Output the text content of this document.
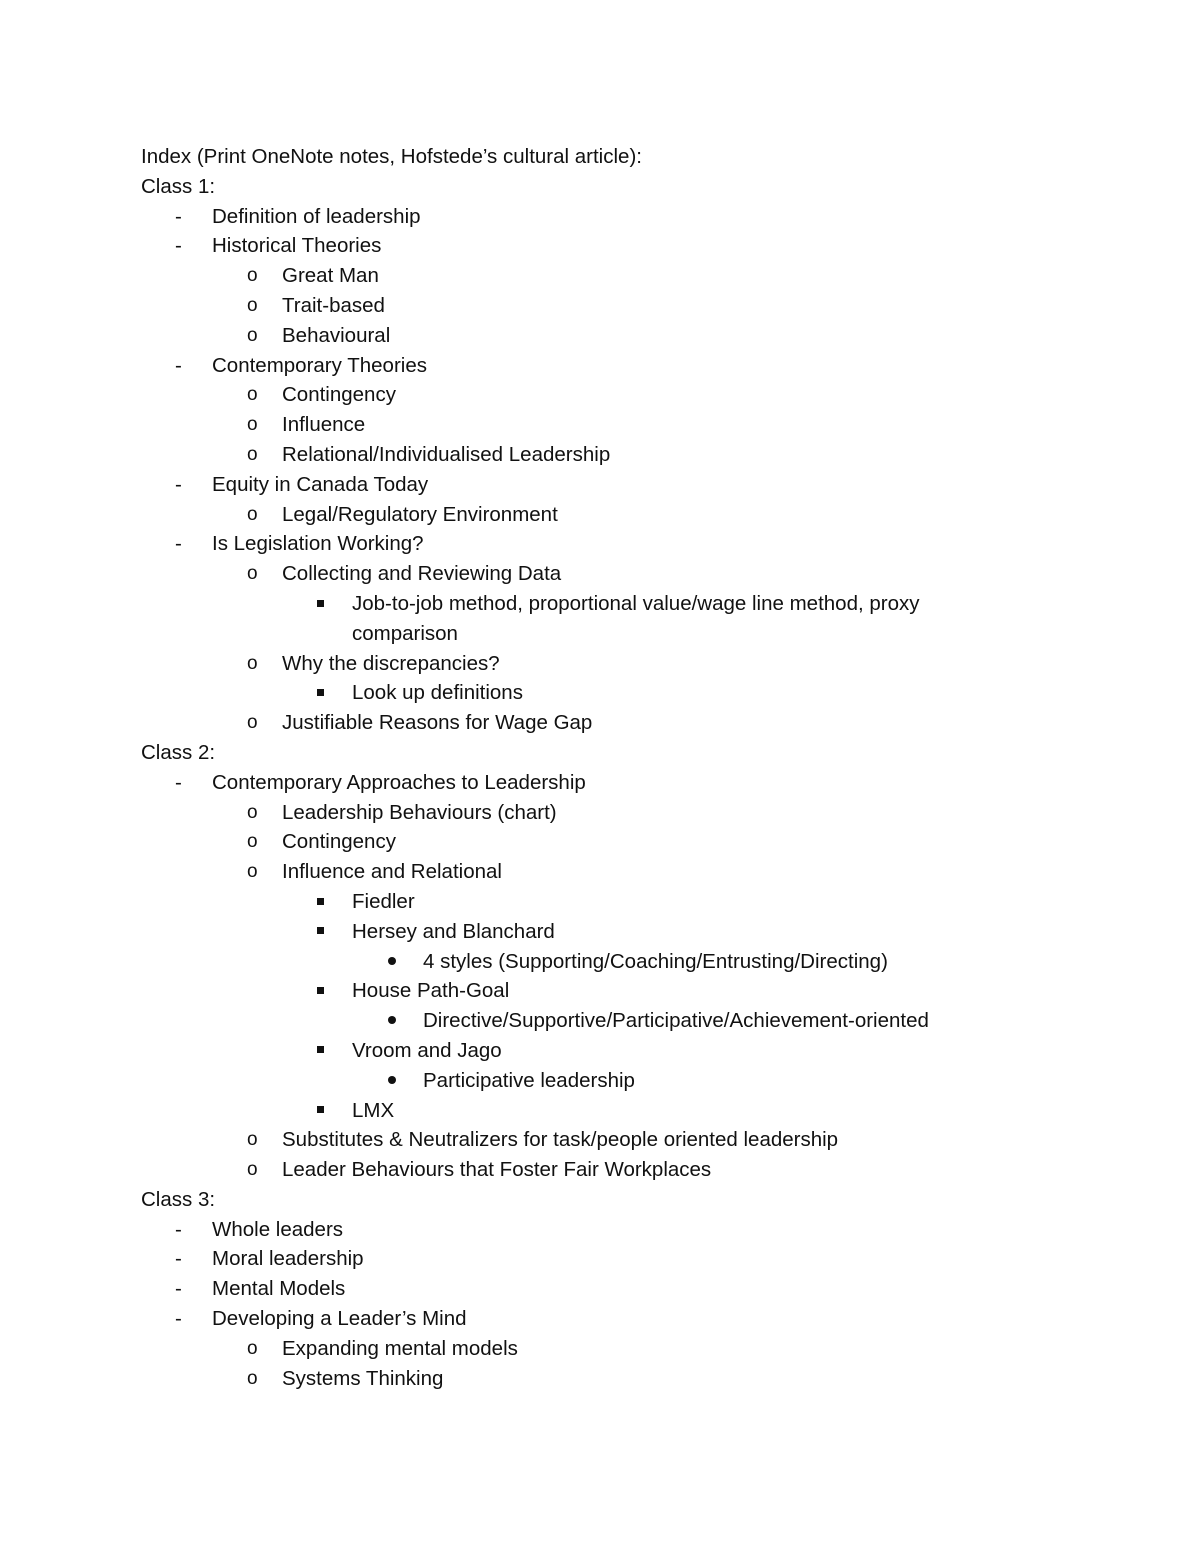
Index (Print OneNote notes, Hofstede’s cultural article):
Class 1:
- Definition of leadership
- Historical Theories
o Great Man
o Trait-based
o Behavioural
- Contemporary Theories
o Contingency
o Influence
o Relational/Individualised Leadership
- Equity in Canada Today
o Legal/Regulatory Environment
- Is Legislation Working?
o Collecting and Reviewing Data
Job-to-job method, proportional value/wage line method, proxy comparison
o Why the discrepancies?
Look up definitions
o Justifiable Reasons for Wage Gap
Class 2:
- Contemporary Approaches to Leadership
o Leadership Behaviours (chart)
o Contingency
o Influence and Relational
Fiedler
Hersey and Blanchard
4 styles (Supporting/Coaching/Entrusting/Directing)
House Path-Goal
Directive/Supportive/Participative/Achievement-oriented
Vroom and Jago
Participative leadership
LMX
o Substitutes & Neutralizers for task/people oriented leadership
o Leader Behaviours that Foster Fair Workplaces
Class 3:
- Whole leaders
- Moral leadership
- Mental Models
- Developing a Leader’s Mind
o Expanding mental models
o Systems Thinking
